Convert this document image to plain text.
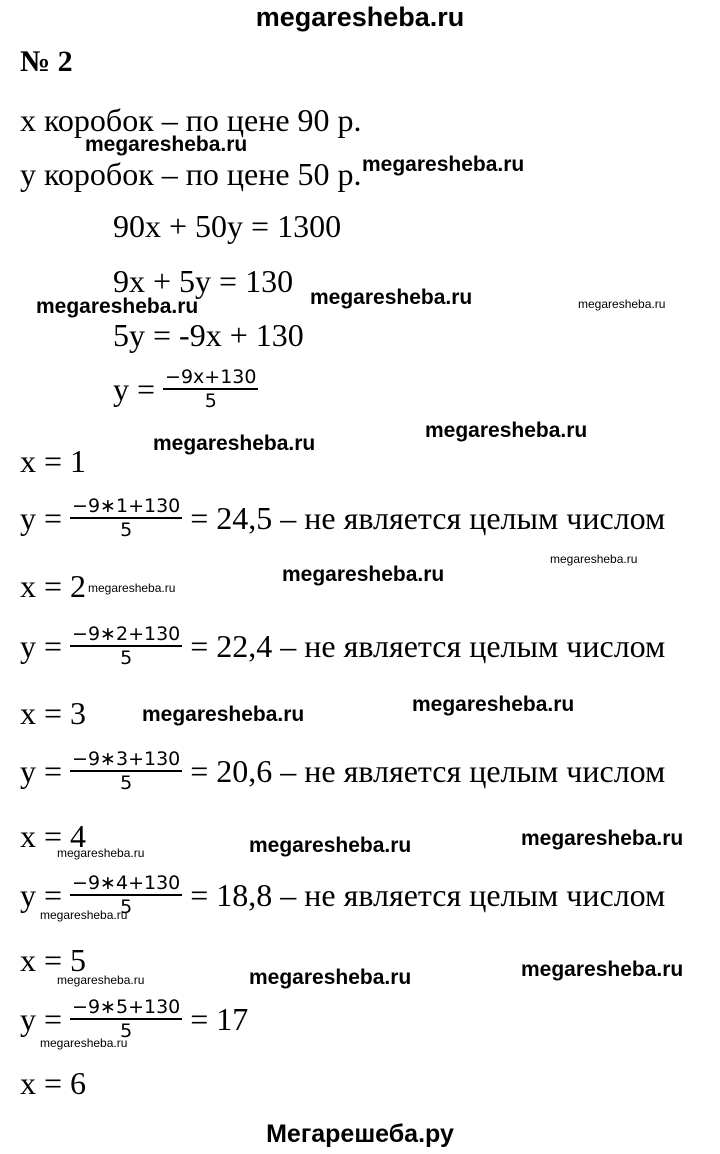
megaresheba.ru
№ 2
x коробок – по цене 90 р.
y коробок – по цене 50 р.
90x + 50y = 1300
9x + 5y = 130
5y = -9x + 130
$y = \frac{-9x+130}{5}$
x = 1
$y = \frac{-9∗1+130}{5} = 24,5$ – не является целым числом
x = 2
$y = \frac{-9∗2+130}{5} = 22,4$ – не является целым числом
x = 3
$y = \frac{-9∗3+130}{5} = 20,6$ – не является целым числом
x = 4
$y = \frac{-9∗4+130}{5} = 18,8$ – не является целым числом
x = 5
$y = \frac{-9∗5+130}{5} = 17$
x = 6
megaresheba.ru
megaresheba.ru
megaresheba.ru	megaresheba.ru	megaresheba.ru
megaresheba.ru
megaresheba.ru
megaresheba.ru
megaresheba.ru
megaresheba.ru
megaresheba.ru	megaresheba.ru
megaresheba.ru	megaresheba.ru	megaresheba.ru
megaresheba.ru
megaresheba.ru	megaresheba.ru	megaresheba.ru
megaresheba.ru
Мегарешеба.ру
